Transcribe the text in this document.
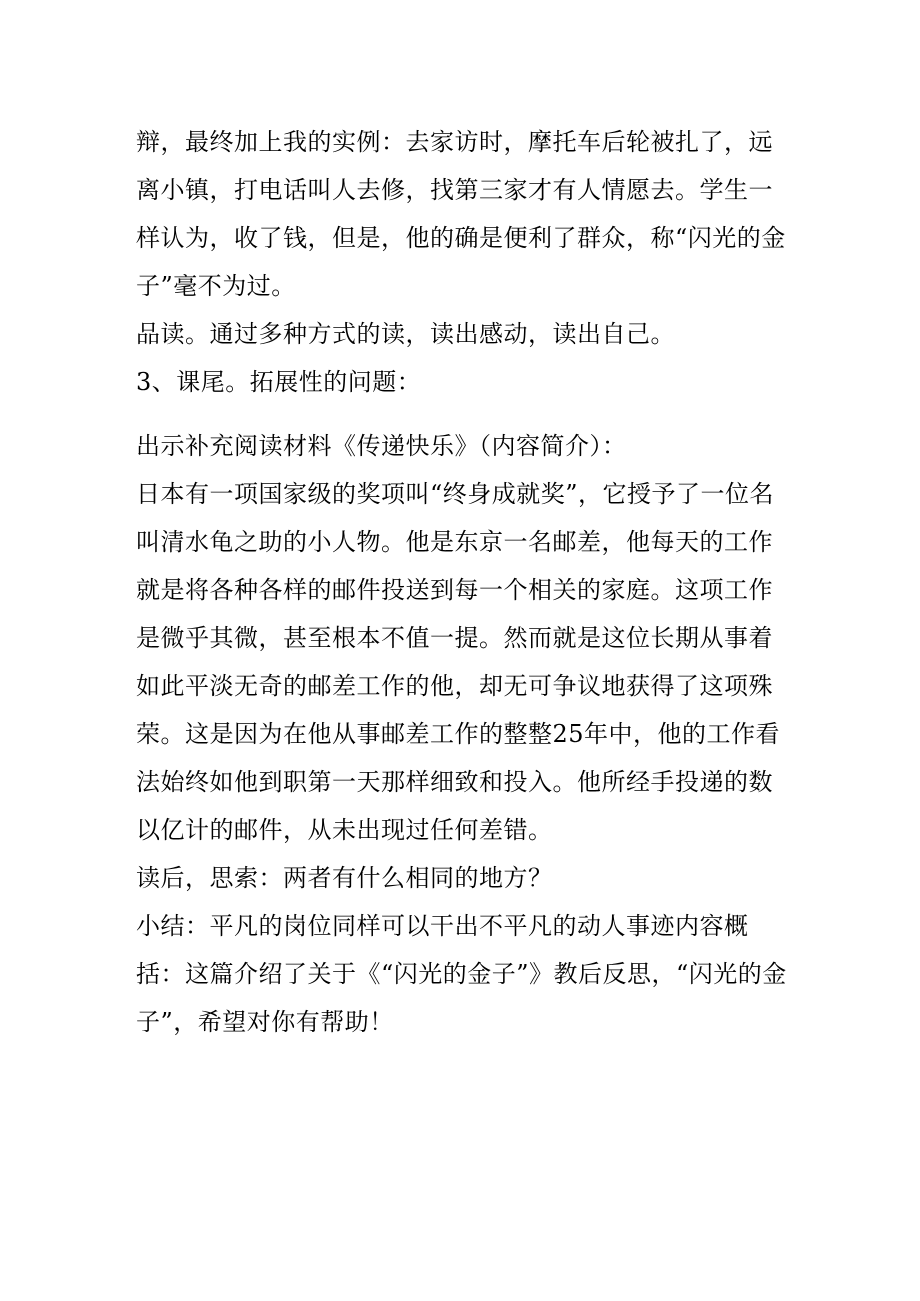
辩，最终加上我的实例：去家访时，摩托车后轮被扎了，远离小镇，打电话叫人去修，找第三家才有人情愿去。学生一样认为，收了钱，但是，他的确是便利了群众，称“闪光的金子”毫不为过。

品读。通过多种方式的读，读出感动，读出自己。

3、课尾。拓展性的问题：

出示补充阅读材料《传递快乐》（内容简介）：

日本有一项国家级的奖项叫“终身成就奖”，它授予了一位名叫清水龟之助的小人物。他是东京一名邮差，他每天的工作就是将各种各样的邮件投送到每一个相关的家庭。这项工作是微乎其微，甚至根本不值一提。然而就是这位长期从事着如此平淡无奇的邮差工作的他，却无可争议地获得了这项殊荣。这是因为在他从事邮差工作的整整25年中，他的工作看法始终如他到职第一天那样细致和投入。他所经手投递的数以亿计的邮件，从未出现过任何差错。

读后，思索：两者有什么相同的地方？

小结：平凡的岗位同样可以干出不平凡的动人事迹内容概括：这篇介绍了关于《“闪光的金子”》教后反思，“闪光的金子”，希望对你有帮助！
